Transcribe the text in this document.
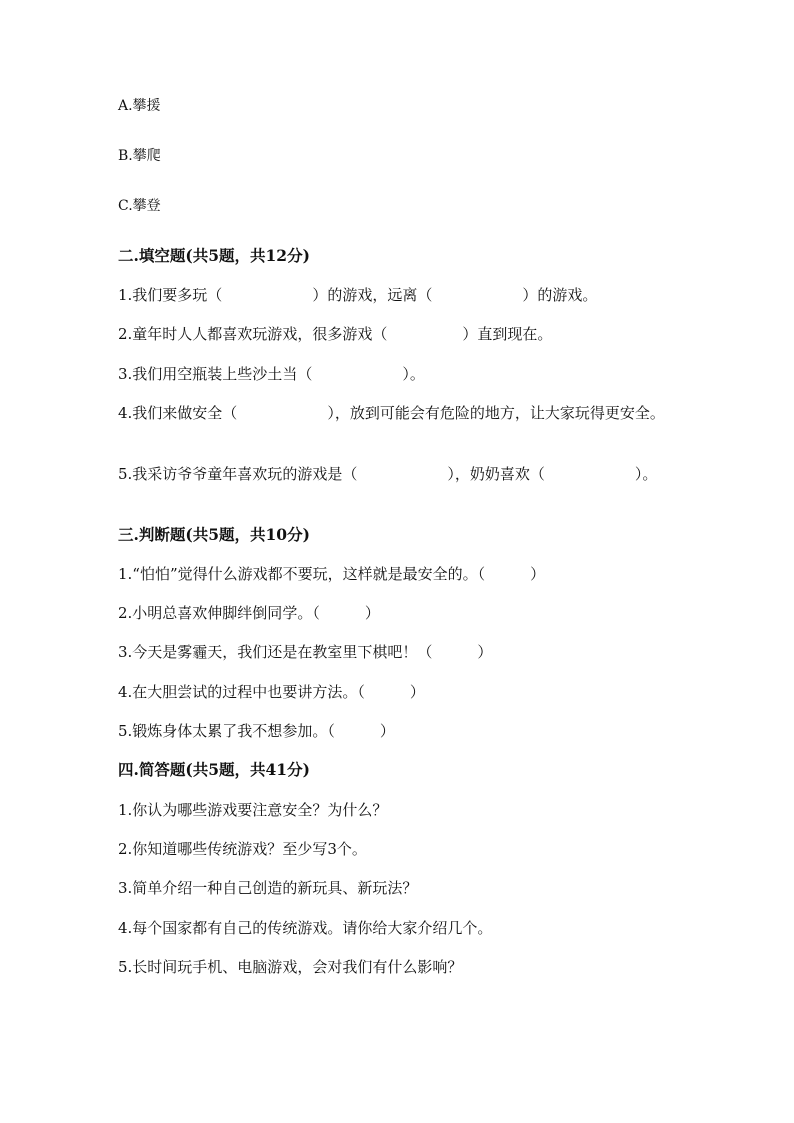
A.攀援
B.攀爬
C.攀登
二.填空题(共5题，共12分)
1.我们要多玩（　　　　　　）的游戏，远离（　　　　　　）的游戏。
2.童年时人人都喜欢玩游戏，很多游戏（　　　　　）直到现在。
3.我们用空瓶装上些沙土当（　　　　　　）。
4.我们来做安全（　　　　　　），放到可能会有危险的地方，让大家玩得更安全。
5.我采访爷爷童年喜欢玩的游戏是（　　　　　　），奶奶喜欢（　　　　　　）。
三.判断题(共5题，共10分)
1.“怕怕”觉得什么游戏都不要玩，这样就是最安全的。（　　　）
2.小明总喜欢伸脚绊倒同学。（　　　）
3.今天是雾霾天，我们还是在教室里下棋吧！（　　　）
4.在大胆尝试的过程中也要讲方法。（　　　）
5.锻炼身体太累了我不想参加。（　　　）
四.简答题(共5题，共41分)
1.你认为哪些游戏要注意安全？为什么？
2.你知道哪些传统游戏？至少写3个。
3.简单介绍一种自己创造的新玩具、新玩法？
4.每个国家都有自己的传统游戏。请你给大家介绍几个。
5.长时间玩手机、电脑游戏，会对我们有什么影响？
